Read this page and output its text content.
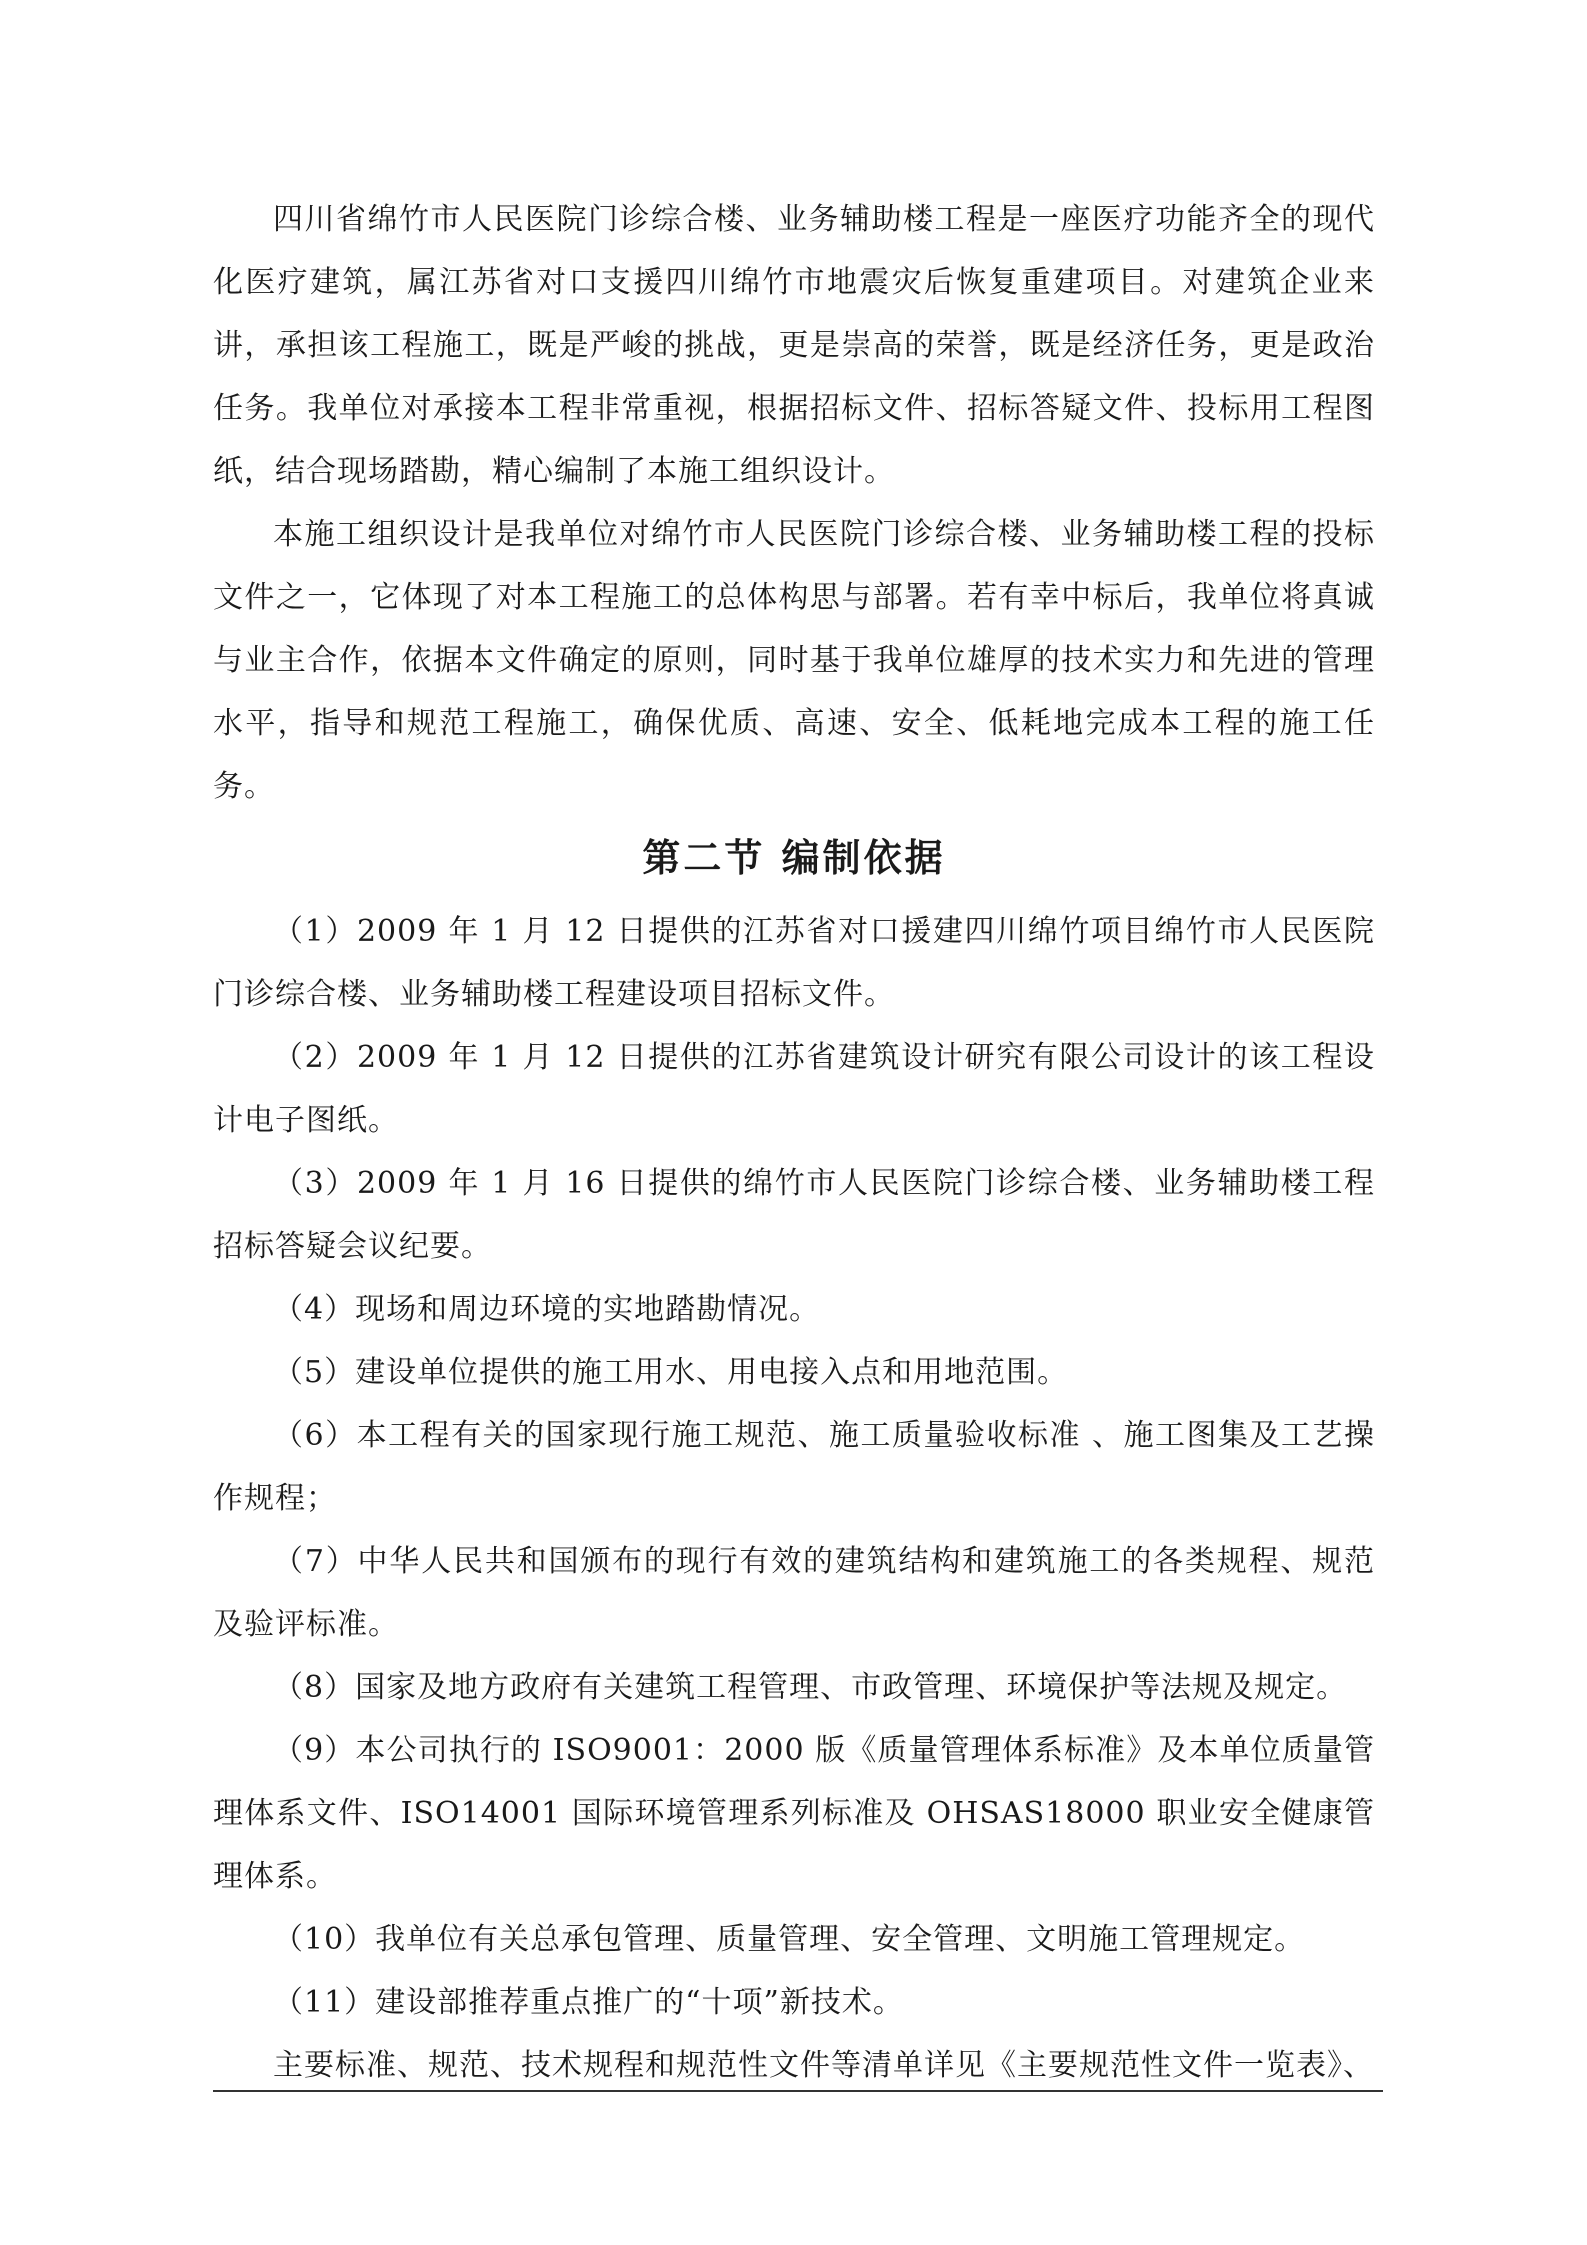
四川省绵竹市人民医院门诊综合楼、业务辅助楼工程是一座医疗功能齐全的现代化医疗建筑，属江苏省对口支援四川绵竹市地震灾后恢复重建项目。对建筑企业来讲，承担该工程施工，既是严峻的挑战，更是崇高的荣誉，既是经济任务，更是政治任务。我单位对承接本工程非常重视，根据招标文件、招标答疑文件、投标用工程图纸，结合现场踏勘，精心编制了本施工组织设计。

本施工组织设计是我单位对绵竹市人民医院门诊综合楼、业务辅助楼工程的投标文件之一，它体现了对本工程施工的总体构思与部署。若有幸中标后，我单位将真诚与业主合作，依据本文件确定的原则，同时基于我单位雄厚的技术实力和先进的管理水平，指导和规范工程施工，确保优质、高速、安全、低耗地完成本工程的施工任务。

第二节 编制依据

（1）2009 年 1 月 12 日提供的江苏省对口援建四川绵竹项目绵竹市人民医院门诊综合楼、业务辅助楼工程建设项目招标文件。

（2）2009 年 1 月 12 日提供的江苏省建筑设计研究有限公司设计的该工程设计电子图纸。

（3）2009 年 1 月 16 日提供的绵竹市人民医院门诊综合楼、业务辅助楼工程招标答疑会议纪要。

（4）现场和周边环境的实地踏勘情况。

（5）建设单位提供的施工用水、用电接入点和用地范围。

（6）本工程有关的国家现行施工规范、施工质量验收标准 、施工图集及工艺操作规程；

（7）中华人民共和国颁布的现行有效的建筑结构和建筑施工的各类规程、规范及验评标准。

（8）国家及地方政府有关建筑工程管理、市政管理、环境保护等法规及规定。

（9）本公司执行的 ISO9001：2000 版《质量管理体系标准》及本单位质量管理体系文件、ISO14001 国际环境管理系列标准及 OHSAS18000 职业安全健康管理体系。

（10）我单位有关总承包管理、质量管理、安全管理、文明施工管理规定。

（11）建设部推荐重点推广的“十项”新技术。

主要标准、规范、技术规程和规范性文件等清单详见《主要规范性文件一览表》、
